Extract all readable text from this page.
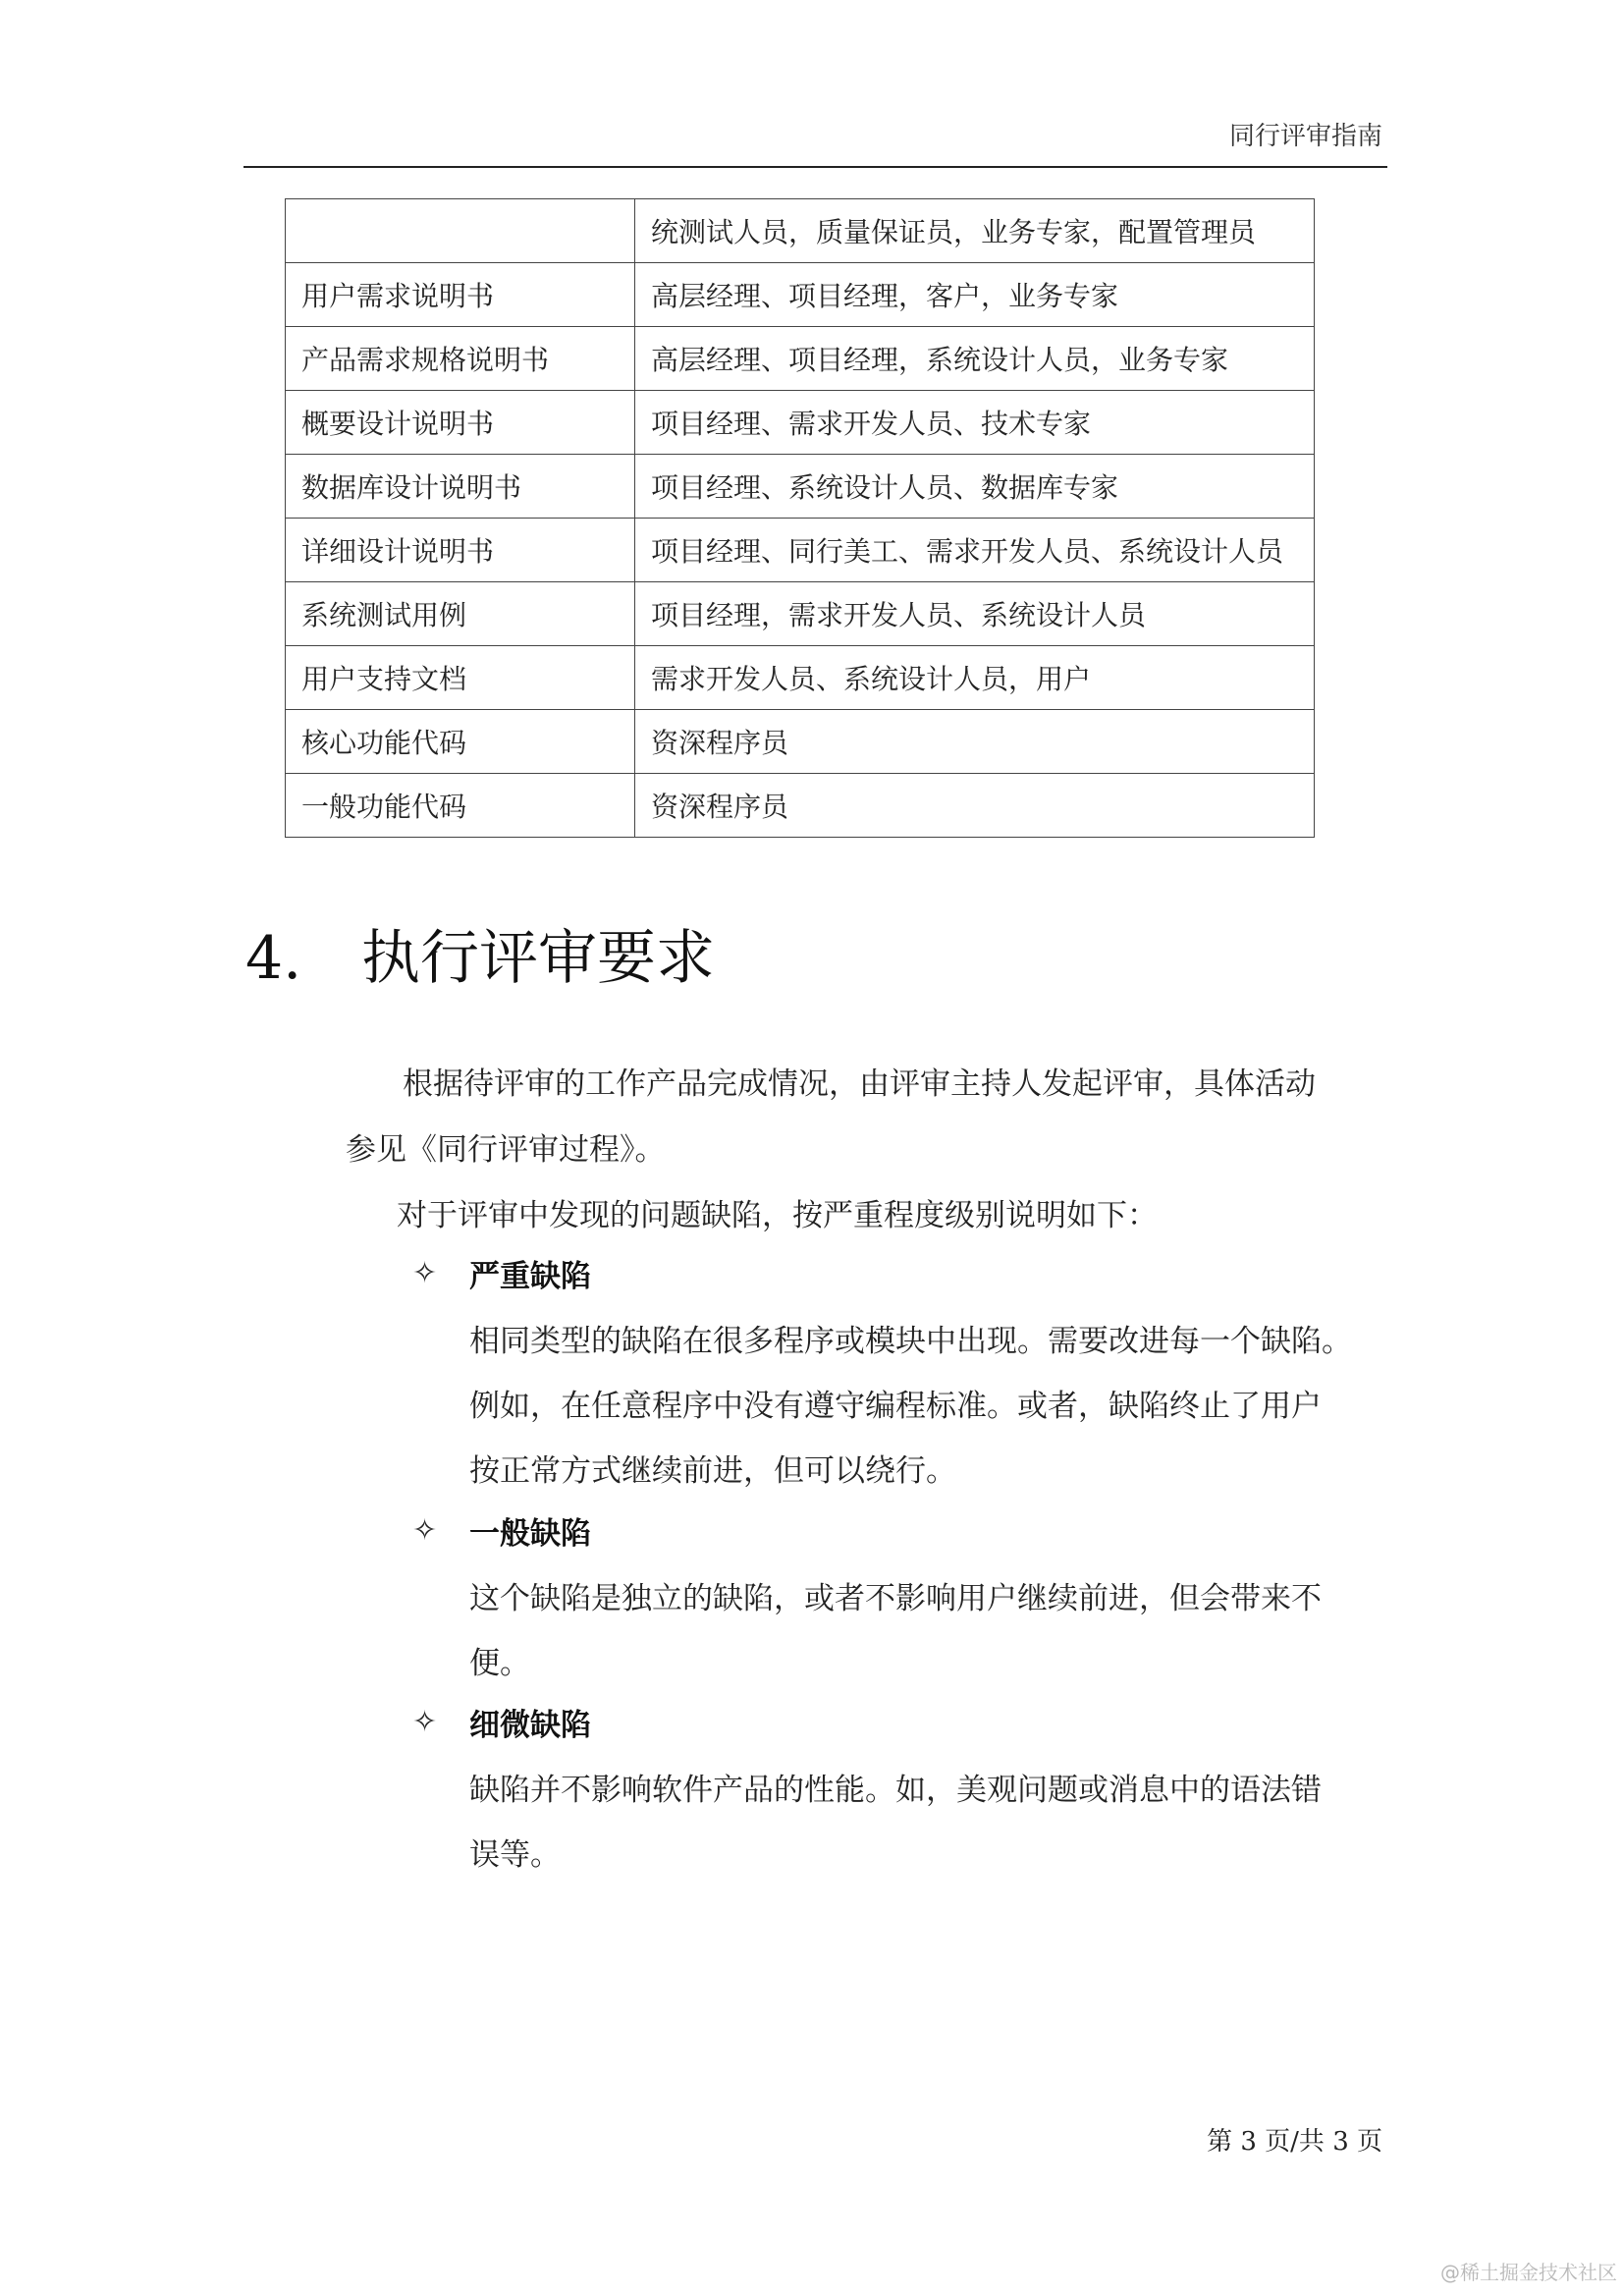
同行评审指南
	统测试人员，质量保证员，业务专家，配置管理员
用户需求说明书	高层经理、项目经理，客户，业务专家
产品需求规格说明书	高层经理、项目经理，系统设计人员，业务专家
概要设计说明书	项目经理、需求开发人员、技术专家
数据库设计说明书	项目经理、系统设计人员、数据库专家
详细设计说明书	项目经理、同行美工、需求开发人员、系统设计人员
系统测试用例	项目经理，需求开发人员、系统设计人员
用户支持文档	需求开发人员、系统设计人员，用户
核心功能代码	资深程序员
一般功能代码	资深程序员
4.	执行评审要求
根据待评审的工作产品完成情况，由评审主持人发起评审，具体活动
参见《同行评审过程》。
对于评审中发现的问题缺陷，按严重程度级别说明如下：
✧	严重缺陷
相同类型的缺陷在很多程序或模块中出现。需要改进每一个缺陷。
例如，在任意程序中没有遵守编程标准。或者，缺陷终止了用户
按正常方式继续前进，但可以绕行。
✧	一般缺陷
这个缺陷是独立的缺陷，或者不影响用户继续前进，但会带来不
便。
✧	细微缺陷
缺陷并不影响软件产品的性能。如，美观问题或消息中的语法错
误等。
第 3 页/共 3 页
@稀土掘金技术社区
